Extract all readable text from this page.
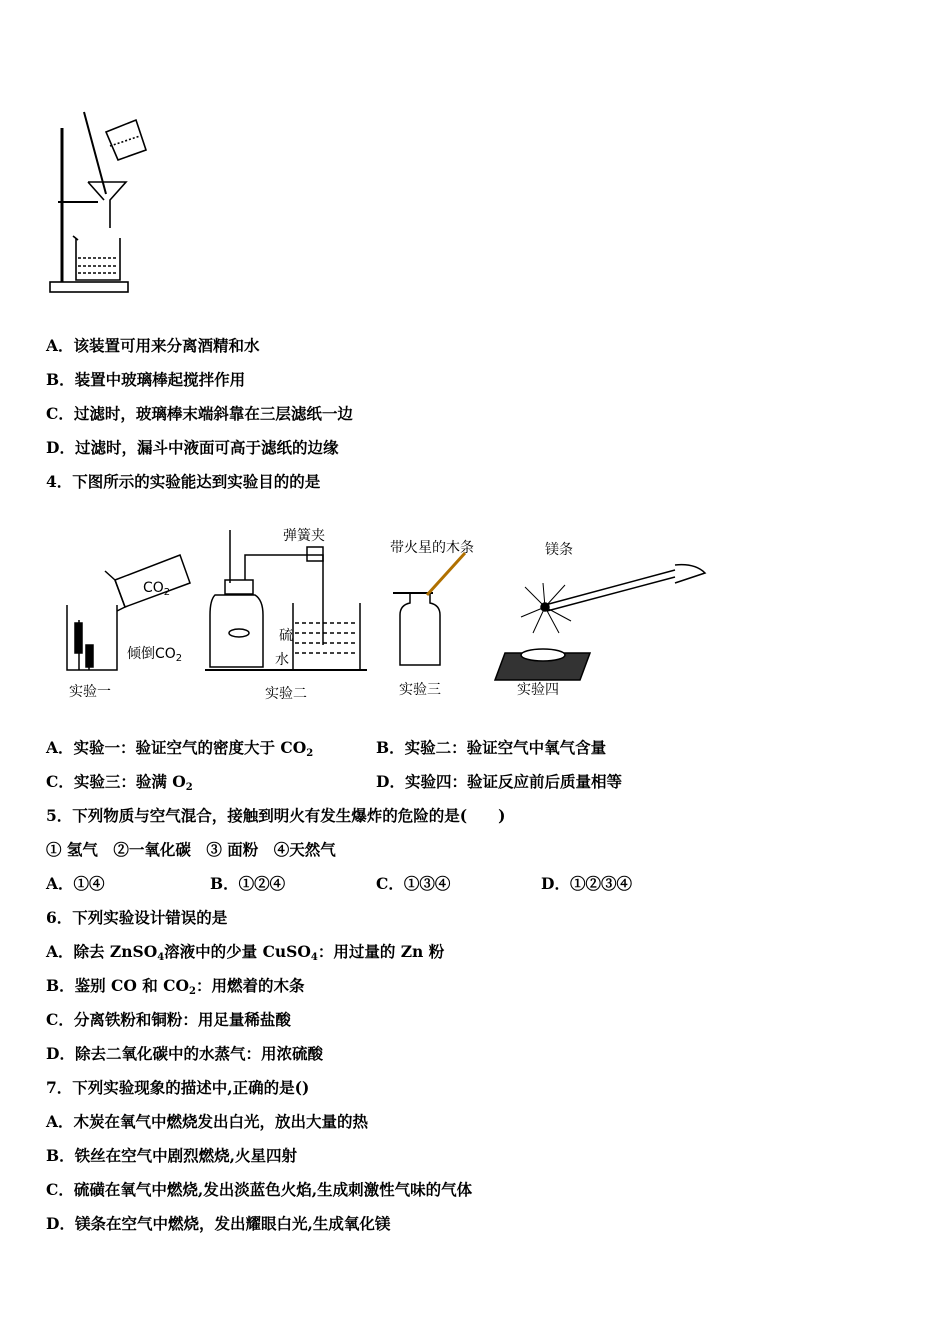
A．该装置可用来分离酒精和水
B．装置中玻璃棒起搅拌作用
C．过滤时，玻璃棒末端斜靠在三层滤纸一边
D．过滤时，漏斗中液面可高于滤纸的边缘
4．下图所示的实验能达到实验目的的是
$CO_2$
倾倒$CO_2$
弹簧夹
硫
水
带火星的木条	镁条
实验一	实验二	实验三	实验四
A．实验一：验证空气的密度大于 $CO_2$	B．实验二：验证空气中氧气含量
C．实验三：验满 $O_2$	D．实验四：验证反应前后质量相等
5．下列物质与空气混合，接触到明火有发生爆炸的危险的是(　　)
① 氢气　②一氧化碳　③ 面粉　④天然气
A．①④	B．①②④	C．①③④	D．①②③④
6．下列实验设计错误的是
A．除去 ZnSO$_4$溶液中的少量 CuSO$_4$：用过量的 Zn 粉
B．鉴别 CO 和 $CO_2$：用燃着的木条
C．分离铁粉和铜粉：用足量稀盐酸
D．除去二氧化碳中的水蒸气：用浓硫酸
7．下列实验现象的描述中,正确的是()
A．木炭在氧气中燃烧发出白光，放出大量的热
B．铁丝在空气中剧烈燃烧,火星四射
C．硫磺在氧气中燃烧,发出淡蓝色火焰,生成刺激性气味的气体
D．镁条在空气中燃烧，发出耀眼白光,生成氧化镁
